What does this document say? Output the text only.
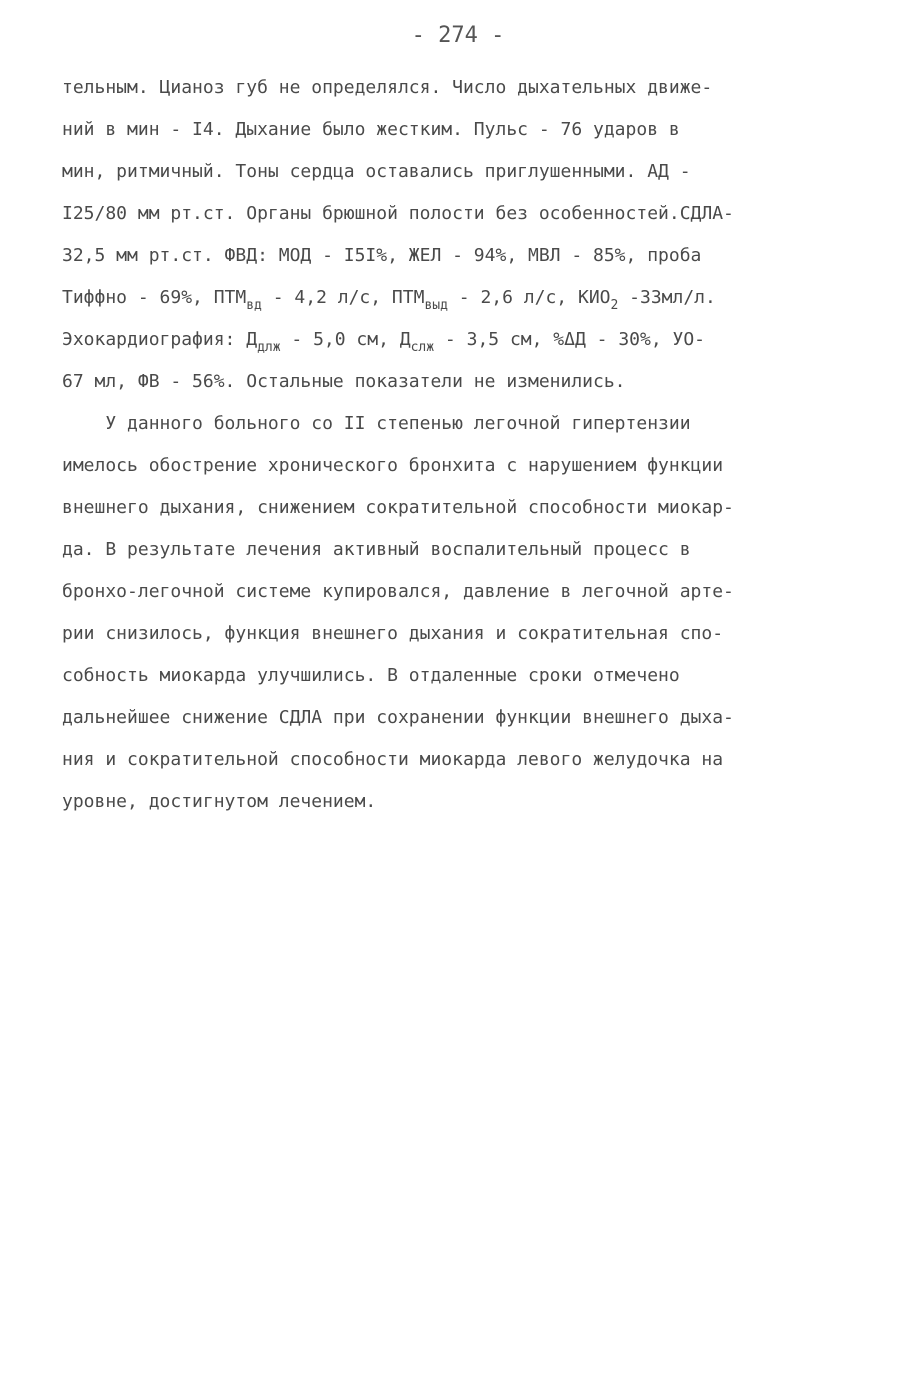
- 274 -
тельным. Цианоз губ не определялся. Число дыхательных движе-
ний в мин - I4. Дыхание было жестким. Пульс - 76 ударов в
мин, ритмичный. Тоны сердца оставались приглушенными. АД -
I25/80 мм рт.ст. Органы брюшной полости без особенностей.СДЛА-
32,5 мм рт.ст. ФВД: МОД - I5I%, ЖЕЛ - 94%, МВЛ - 85%, проба
Тиффно - 69%, $ПТМ_{вд} - 4,2$ л/с, $ПТМ_{выд} - 2,6$ л/с, $КИО_2$ -33мл/л.
Эхокардиография: $Д_{длж} - 5,0$ см, $Д_{слж} - 3,5$ см, %ΔД - 30%, УО-
67 мл, ФВ - 56%. Остальные показатели не изменились.
У данного больного со II степенью легочной гипертензии
имелось обострение хронического бронхита с нарушением функции
внешнего дыхания, снижением сократительной способности миокар-
да. В результате лечения активный воспалительный процесс в
бронхо-легочной системе купировался, давление в легочной арте-
рии снизилось, функция внешнего дыхания и сократительная спо-
собность миокарда улучшились. В отдаленные сроки отмечено
дальнейшее снижение СДЛА при сохранении функции внешнего дыха-
ния и сократительной способности миокарда левого желудочка на
уровне, достигнутом лечением.
